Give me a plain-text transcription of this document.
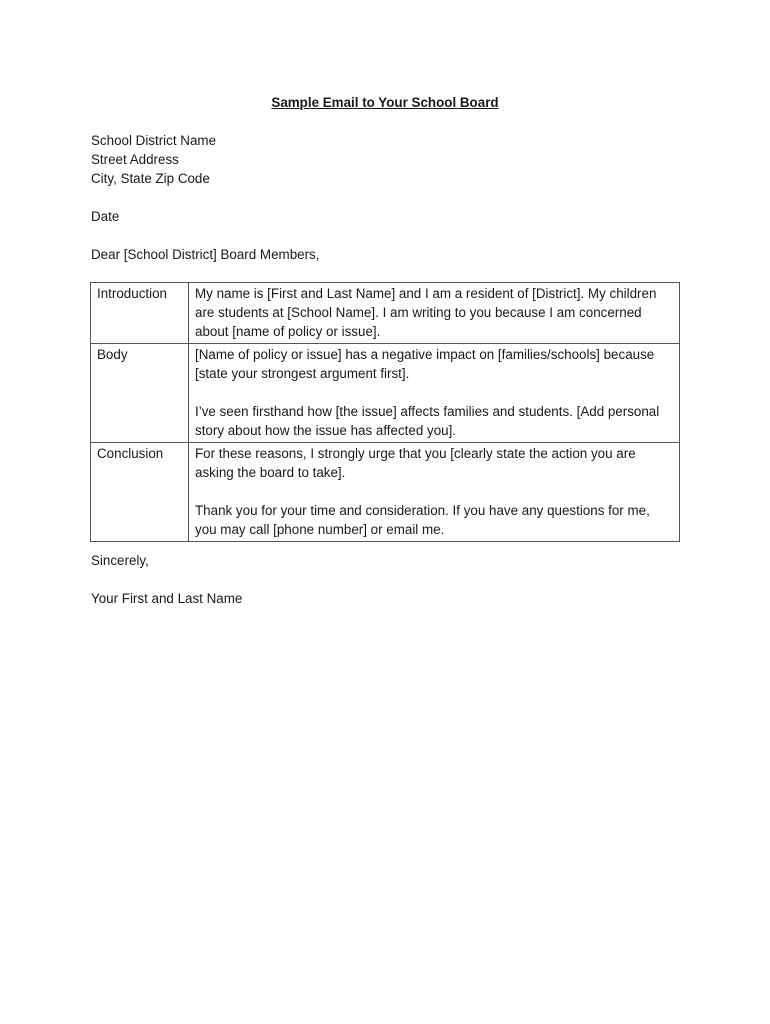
Sample Email to Your School Board
School District Name
Street Address
City, State Zip Code
Date
Dear [School District] Board Members,
Introduction	My name is [First and Last Name] and I am a resident of [District]. My children are students at [School Name]. I am writing to you because I am concerned about [name of policy or issue].

Body	[Name of policy or issue] has a negative impact on [families/schools] because [state your strongest argument first].
I’ve seen firsthand how [the issue] affects families and students. [Add personal story about how the issue has affected you].

Conclusion	For these reasons, I strongly urge that you [clearly state the action you are asking the board to take].
Thank you for your time and consideration. If you have any questions for me, you may call [phone number] or email me.
Sincerely,
Your First and Last Name
